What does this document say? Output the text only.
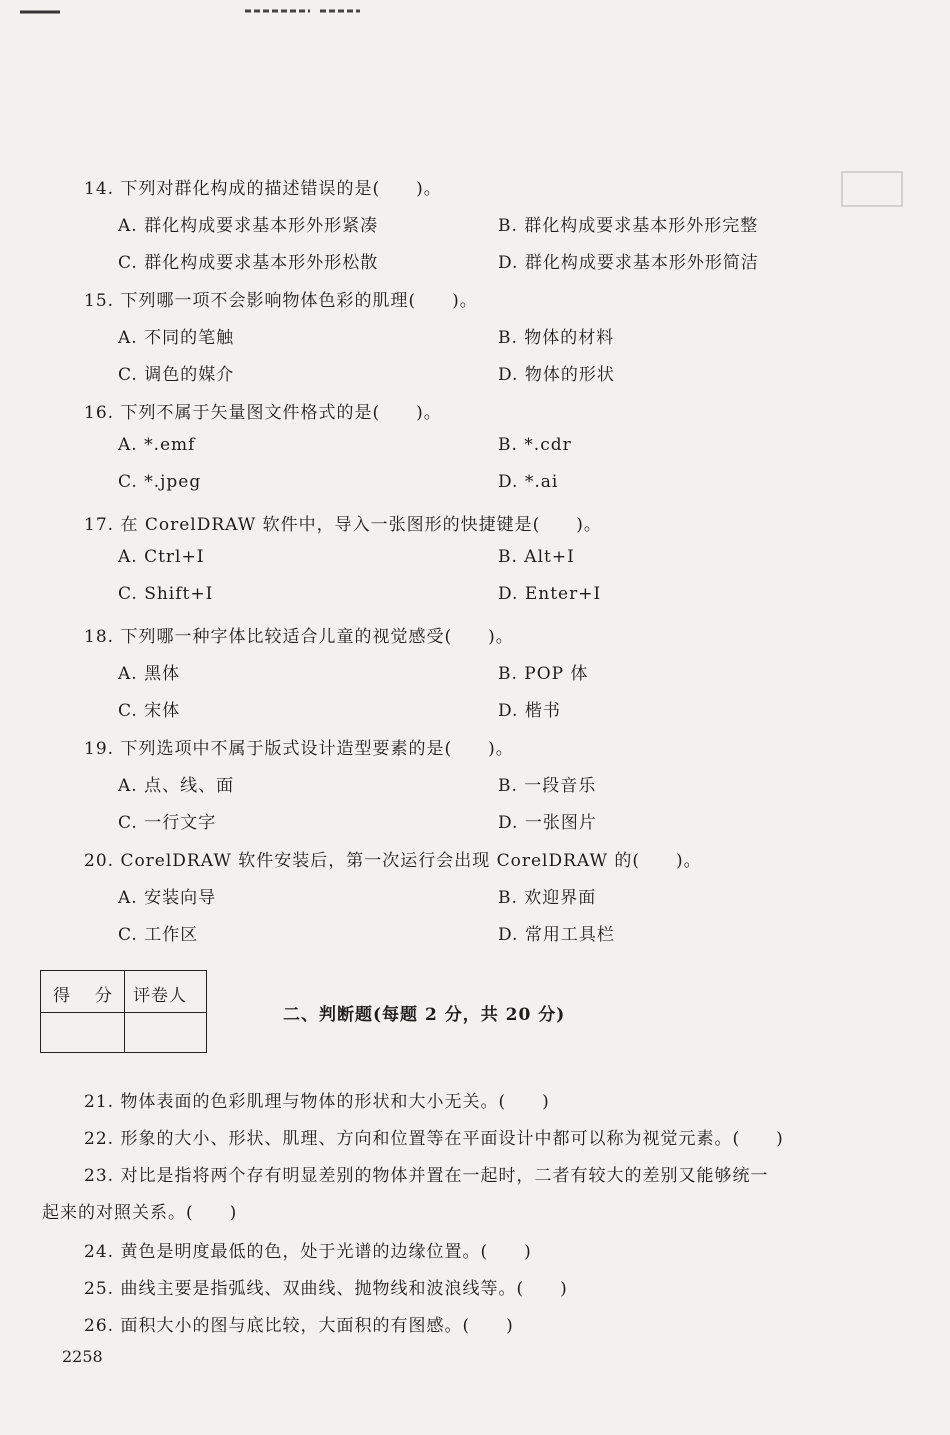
14. 下列对群化构成的描述错误的是(　　)。
A. 群化构成要求基本形外形紧凑	B. 群化构成要求基本形外形完整
C. 群化构成要求基本形外形松散	D. 群化构成要求基本形外形简洁
15. 下列哪一项不会影响物体色彩的肌理(　　)。
A. 不同的笔触	B. 物体的材料
C. 调色的媒介	D. 物体的形状
16. 下列不属于矢量图文件格式的是(　　)。
A. *.emf	B. *.cdr
C. *.jpeg	D. *.ai
17. 在 CorelDRAW 软件中，导入一张图形的快捷键是(　　)。
A. Ctrl+I	B. Alt+I
C. Shift+I	D. Enter+I
18. 下列哪一种字体比较适合儿童的视觉感受(　　)。
A. 黑体	B. POP 体
C. 宋体	D. 楷书
19. 下列选项中不属于版式设计造型要素的是(　　)。
A. 点、线、面	B. 一段音乐
C. 一行文字	D. 一张图片
20. CorelDRAW 软件安装后，第一次运行会出现 CorelDRAW 的(　　)。
A. 安装向导	B. 欢迎界面
C. 工作区	D. 常用工具栏
得　分 评卷人
二、判断题(每题 2 分，共 20 分)
21. 物体表面的色彩肌理与物体的形状和大小无关。(　　)
22. 形象的大小、形状、肌理、方向和位置等在平面设计中都可以称为视觉元素。(　　)
23. 对比是指将两个存有明显差别的物体并置在一起时，二者有较大的差别又能够统一
起来的对照关系。(　　)
24. 黄色是明度最低的色，处于光谱的边缘位置。(　　)
25. 曲线主要是指弧线、双曲线、抛物线和波浪线等。(　　)
26. 面积大小的图与底比较，大面积的有图感。(　　)
2258
